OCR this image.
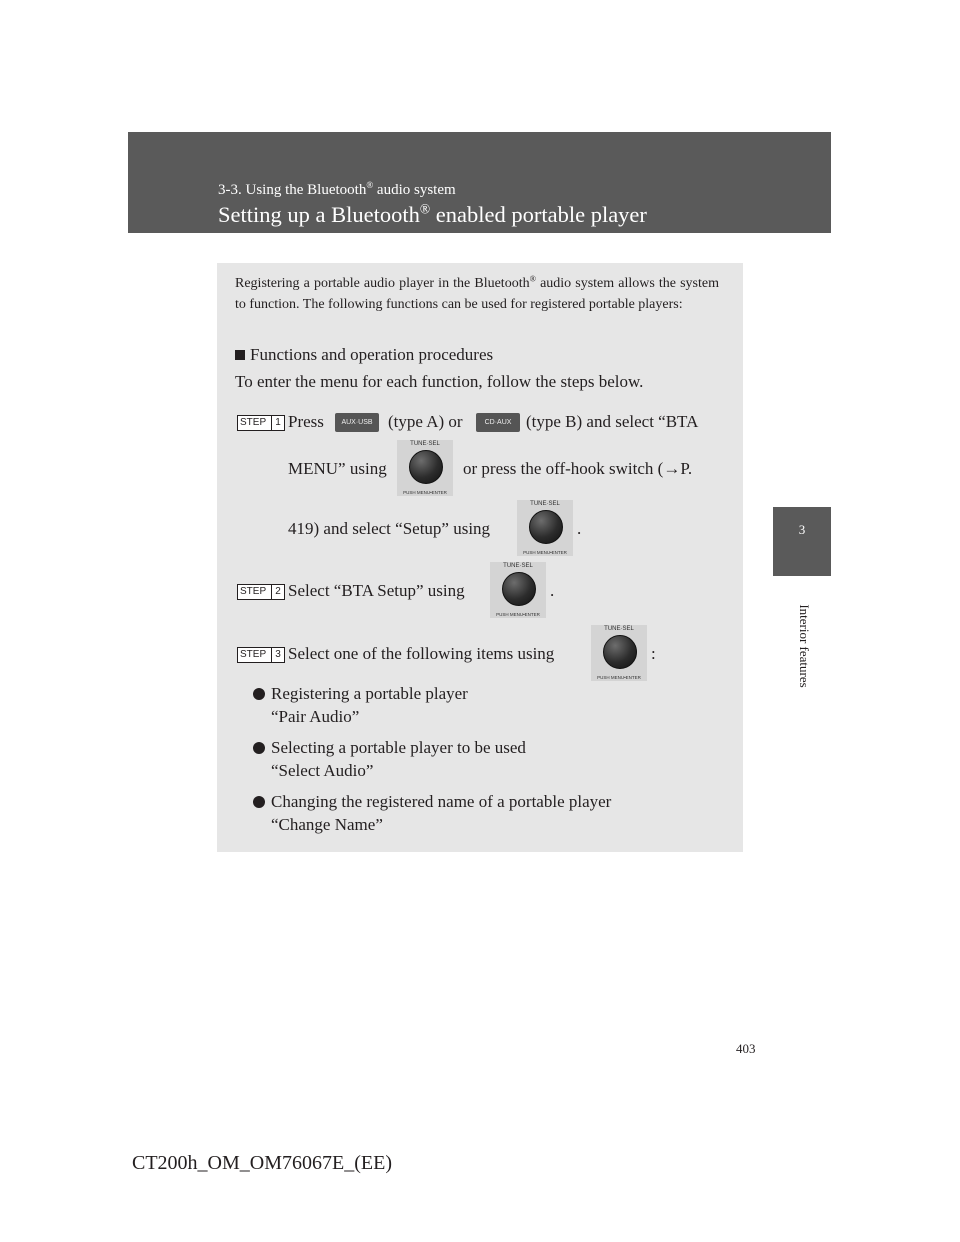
3-3. Using the Bluetooth® audio system
Setting up a Bluetooth® enabled portable player
3
Interior features
Registering a portable audio player in the Bluetooth® audio system allows the system to function. The following functions can be used for registered portable players:
Functions and operation procedures
To enter the menu for each function, follow the steps below.
STEP 1 Press	AUX·USB (type A) or	CD·AUX (type B) and select “BTA
MENU” using
TUNE·SEL
PUSH MENU•ENTER
or press the off-hook switch (→P.
419) and select “Setup” using
TUNE·SEL
PUSH MENU•ENTER
.
STEP 2 Select “BTA Setup” using
TUNE·SEL
PUSH MENU•ENTER
.
STEP 3 Select one of the following items using
TUNE·SEL
PUSH MENU•ENTER
:
Registering a portable player
“Pair Audio”
Selecting a portable player to be used
“Select Audio”
Changing the registered name of a portable player
“Change Name”
403
CT200h_OM_OM76067E_(EE)
